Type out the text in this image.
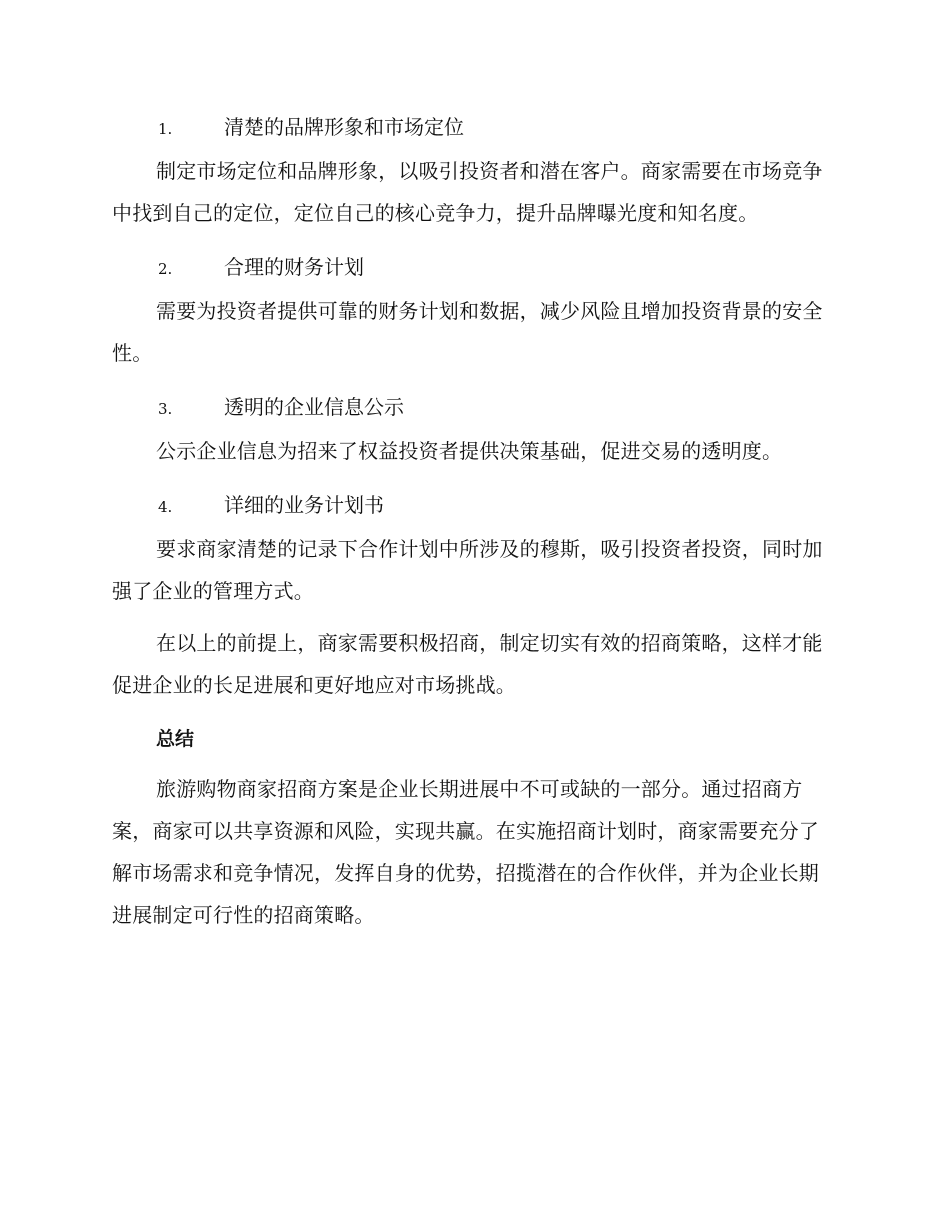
1.	清楚的品牌形象和市场定位

制定市场定位和品牌形象，以吸引投资者和潜在客户。商家需要在市场竞争中找到自己的定位，定位自己的核心竞争力，提升品牌曝光度和知名度。

2.	合理的财务计划

需要为投资者提供可靠的财务计划和数据，减少风险且增加投资背景的安全性。

3.	透明的企业信息公示

公示企业信息为招来了权益投资者提供决策基础，促进交易的透明度。

4.	详细的业务计划书

要求商家清楚的记录下合作计划中所涉及的穆斯，吸引投资者投资，同时加强了企业的管理方式。

在以上的前提上，商家需要积极招商，制定切实有效的招商策略，这样才能促进企业的长足进展和更好地应对市场挑战。

总结

旅游购物商家招商方案是企业长期进展中不可或缺的一部分。通过招商方案，商家可以共享资源和风险，实现共赢。在实施招商计划时，商家需要充分了解市场需求和竞争情况，发挥自身的优势，招揽潜在的合作伙伴，并为企业长期进展制定可行性的招商策略。
